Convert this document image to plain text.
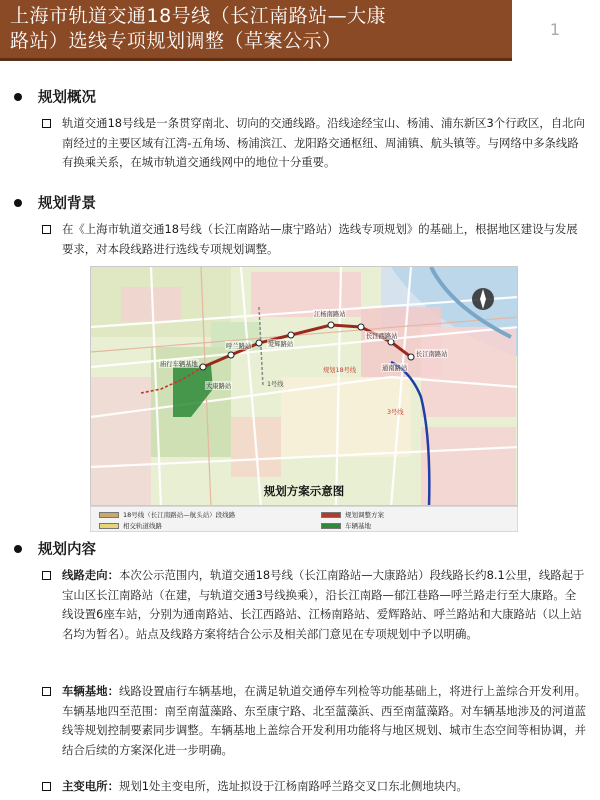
上海市轨道交通18号线（长江南路站—大康
路站）选线专项规划调整（草案公示）
1
规划概况
轨道交通18号线是一条贯穿南北、切向的交通线路。沿线途经宝山、杨浦、浦东新区3个行政区，自北向南经过的主要区域有江湾-五角场、杨浦滨江、龙阳路交通枢纽、周浦镇、航头镇等。与网络中多条线路有换乘关系，在城市轨道交通线网中的地位十分重要。
规划背景
在《上海市轨道交通18号线（长江南路站—康宁路站）选线专项规划》的基础上，根据地区建设与发展要求，对本段线路进行选线专项规划调整。
江杨南路站
长江西路站
爱辉路站
呼兰路站
通南路站
长江南路站
大康路站
庙行车辆基地
规划18号线
1号线
3号线
规划方案示意图
18号线（长江南路站—航头站）段线路	规划调整方案
相交轨道线路	车辆基地
规划内容
线路走向：本次公示范围内，轨道交通18号线（长江南路站—大康路站）段线路长约8.1公里，线路起于宝山区长江南路站（在建，与轨道交通3号线换乘），沿长江南路—郁江巷路—呼兰路走行至大康路。全线设置6座车站，分别为通南路站、长江西路站、江杨南路站、爱辉路站、呼兰路站和大康路站（以上站名均为暂名）。站点及线路方案将结合公示及相关部门意见在专项规划中予以明确。
车辆基地：线路设置庙行车辆基地，在满足轨道交通停车列检等功能基础上，将进行上盖综合开发利用。车辆基地四至范围：南至南蕰藻路、东至康宁路、北至蕰藻浜、西至南蕰藻路。对车辆基地涉及的河道蓝线等规划控制要素同步调整。车辆基地上盖综合开发利用功能将与地区规划、城市生态空间等相协调，并结合后续的方案深化进一步明确。
主变电所：规划1处主变电所，选址拟设于江杨南路呼兰路交叉口东北侧地块内。
